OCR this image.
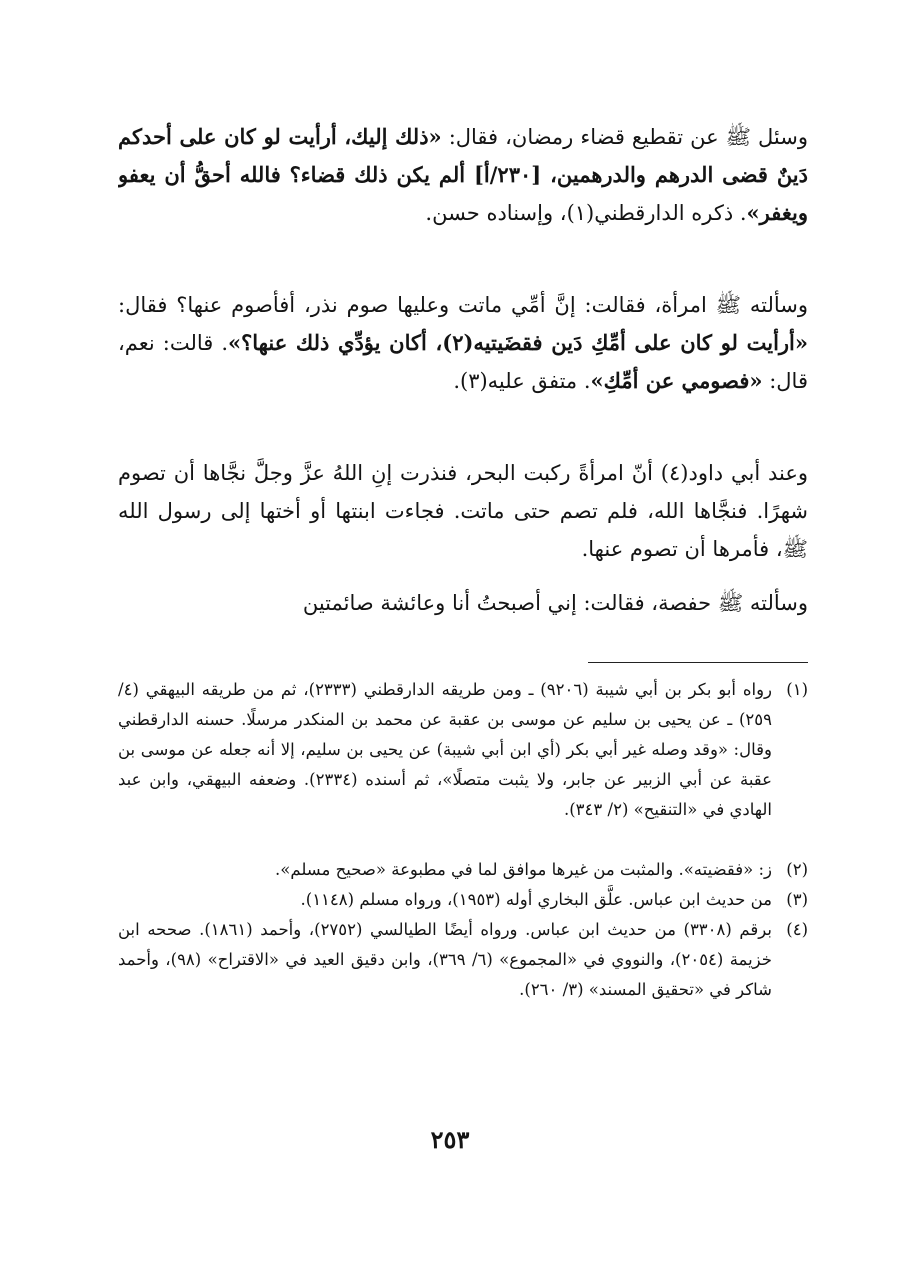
وسئل ﷺ عن تقطيع قضاء رمضان، فقال: «ذلك إليك، أرأيت لو كان على أحدكم دَينٌ قضى الدرهم والدرهمين، [٢٣٠/أ] ألم يكن ذلك قضاء؟ فالله أحقُّ أن يعفو ويغفر». ذكره الدارقطني(١)، وإسناده حسن.

وسألته ﷺ امرأة، فقالت: إنَّ أمِّي ماتت وعليها صوم نذر، أفأصوم عنها؟ فقال: «أرأيت لو كان على أمِّكِ دَين فقضَيتيه(٢)، أكان يؤدِّي ذلك عنها؟». قالت: نعم، قال: «فصومي عن أمِّكِ». متفق عليه(٣).

وعند أبي داود(٤) أنّ امرأةً ركبت البحر، فنذرت إنِ اللهُ عزَّ وجلَّ نجَّاها أن تصوم شهرًا. فنجَّاها الله، فلم تصم حتى ماتت. فجاءت ابنتها أو أختها إلى رسول الله ﷺ، فأمرها أن تصوم عنها.

وسألته ﷺ حفصة، فقالت: إني أصبحتُ أنا وعائشة صائمتين

(١)
رواه أبو بكر بن أبي شيبة (٩٢٠٦) ـ ومن طريقه الدارقطني (٢٣٣٣)، ثم من طريقه البيهقي (٤/ ٢٥٩) ـ عن يحيى بن سليم عن موسى بن عقبة عن محمد بن المنكدر مرسلًا. حسنه الدارقطني وقال: «وقد وصله غير أبي بكر (أي ابن أبي شيبة) عن يحيى بن سليم، إلا أنه جعله عن موسى بن عقبة عن أبي الزبير عن جابر، ولا يثبت متصلًا»، ثم أسنده (٢٣٣٤). وضعفه البيهقي، وابن عبد الهادي في «التنقيح» (٢/ ٣٤٣).
(٢)
ز: «فقضيته». والمثبت من غيرها موافق لما في مطبوعة «صحيح مسلم».
(٣)
من حديث ابن عباس. علَّق البخاري أوله (١٩٥٣)، ورواه مسلم (١١٤٨).
(٤)
برقم (٣٣٠٨) من حديث ابن عباس. ورواه أيضًا الطيالسي (٢٧٥٢)، وأحمد (١٨٦١). صححه ابن خزيمة (٢٠٥٤)، والنووي في «المجموع» (٦/ ٣٦٩)، وابن دقيق العيد في «الاقتراح» (٩٨)، وأحمد شاكر في «تحقيق المسند» (٣/ ٢٦٠).
٢٥٣
